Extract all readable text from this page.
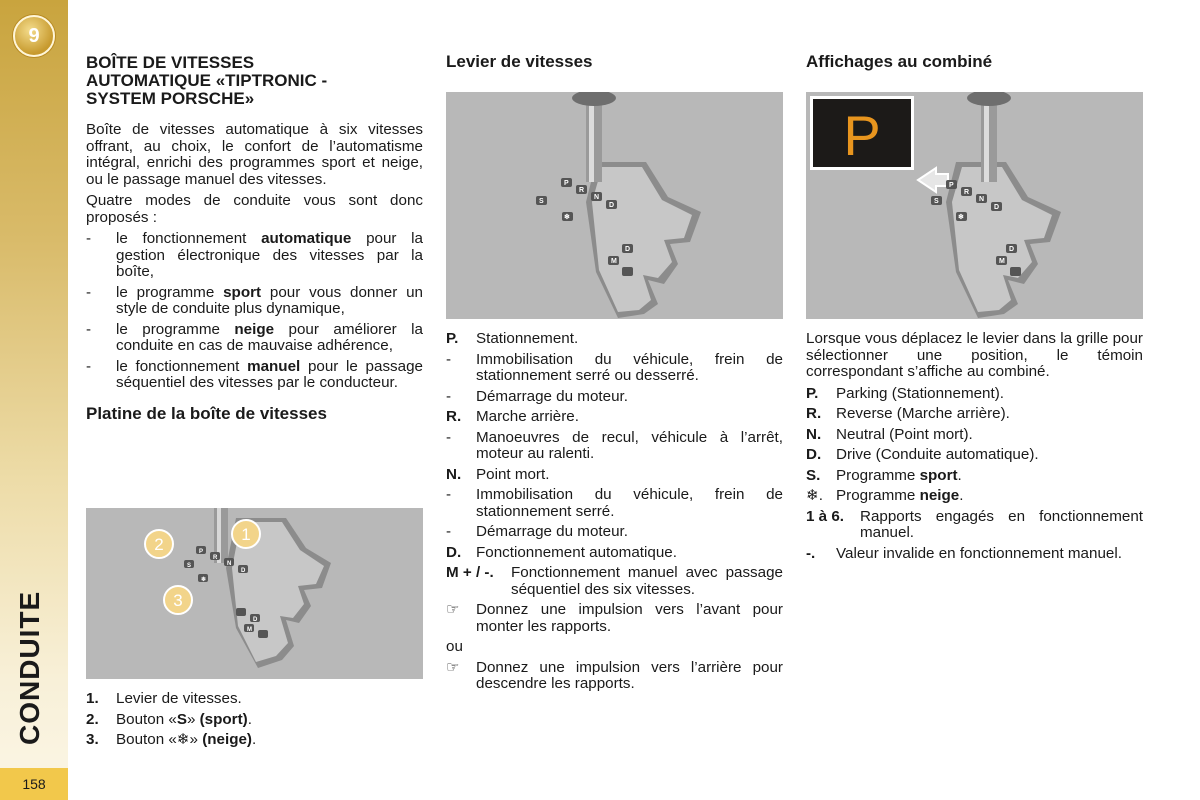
9
CONDUITE
158
BOÎTE DE VITESSES
AUTOMATIQUE «TIPTRONIC -
SYSTEM PORSCHE»

Boîte de vitesses automatique à six vitesses offrant, au choix, le confort de l’automatisme intégral, enrichi des programmes sport et neige, ou le passage manuel des vitesses.

Quatre modes de conduite vous sont donc proposés :

-	le fonctionnement automatique pour la gestion électronique des vitesses par la boîte,
-	le programme sport pour vous donner un style de conduite plus dynamique,
-	le programme neige pour améliorer la conduite en cas de mauvaise adhérence,
-	le fonctionnement manuel pour le passage séquentiel des vitesses par le conducteur.
Platine de la boîte de vitesses
P
R
N
D
S
❄
D
M
1
2
3
1.	Levier de vitesses.
2.	Bouton «S» (sport).
3.	Bouton «❄» (neige).
Levier de vitesses
P
R
N
D
S
❄
D
M
P.	Stationnement.
-	Immobilisation du véhicule, frein de stationnement serré ou desserré.
-	Démarrage du moteur.
R. Marche arrière.
-	Manoeuvres de recul, véhicule à l’arrêt, moteur au ralenti.
N. Point mort.
-	Immobilisation du véhicule, frein de stationnement serré.
-	Démarrage du moteur.
D. Fonctionnement automatique.
M + / -.	Fonctionnement manuel avec passage séquentiel des six vitesses.
☞	Donnez une impulsion vers l’avant pour monter les rapports.
ou
☞	Donnez une impulsion vers l’arrière pour descendre les rapports.
Affichages au combiné
P
R
N
D
S
❄
D
M
P

Lorsque vous déplacez le levier dans la grille pour sélectionner une position, le témoin correspondant s’affiche au combiné.

P.	Parking (Stationnement).
R. Reverse (Marche arrière).
N. Neutral (Point mort).
D. Drive (Conduite automatique).
S.	Programme sport.
❄. Programme neige.
1 à 6.	Rapports engagés en fonctionnement manuel.
-.	Valeur invalide en fonctionnement manuel.
